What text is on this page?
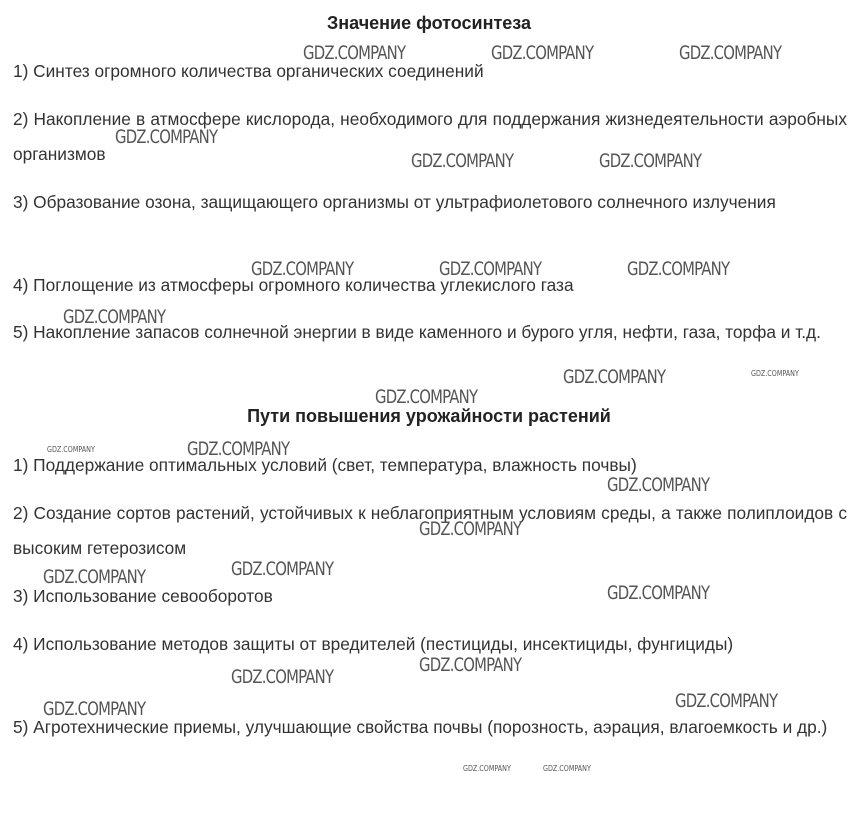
Значение фотосинтеза

1) Синтез огромного количества органических соединений

2) Накопление в атмосфере кислорода, необходимого для поддержания жизнедеятельности аэробных организмов

3) Образование озона, защищающего организмы от ультрафиолетового солнечного излучения

4) Поглощение из атмосферы огромного количества углекислого газа

5) Накопление запасов солнечной энергии в виде каменного и бурого угля, нефти, газа, торфа и т.д.

Пути повышения урожайности растений

1) Поддержание оптимальных условий (свет, температура, влажность почвы)

2) Создание сортов растений, устойчивых к неблагоприятным условиям среды, а также полиплоидов с высоким гетерозисом

3) Использование севооборотов

4) Использование методов защиты от вредителей (пестициды, инсектициды, фунгициды)

5) Агротехнические приемы, улучшающие свойства почвы (порозность, аэрация, влагоемкость и др.)

GDZ.COMPANY	GDZ.COMPANY	GDZ.COMPANY
GDZ.COMPANY
GDZ.COMPANY	GDZ.COMPANY
GDZ.COMPANY	GDZ.COMPANY	GDZ.COMPANY
GDZ.COMPANY
GDZ.COMPANY	GDZ.COMPANY
GDZ.COMPANY
GDZ.COMPANY	GDZ.COMPANY
GDZ.COMPANY
GDZ.COMPANY
GDZ.COMPANY
GDZ.COMPANY
GDZ.COMPANY
GDZ.COMPANY
GDZ.COMPANY
GDZ.COMPANY
GDZ.COMPANY
GDZ.COMPANY	GDZ.COMPANY
